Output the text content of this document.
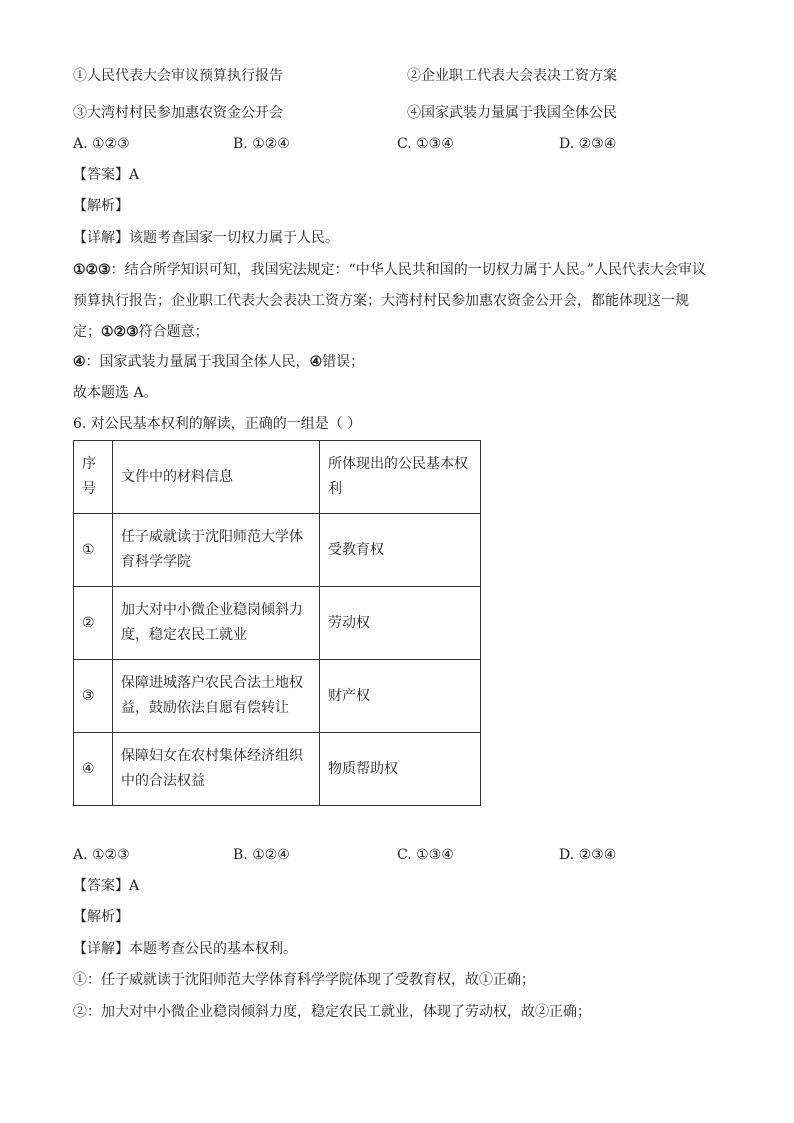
①人民代表大会审议预算执行报告	②企业职工代表大会表决工资方案
③大湾村村民参加惠农资金公开会	④国家武装力量属于我国全体公民
A. ①②③	B. ①②④	C. ①③④	D. ②③④
【答案】A
【解析】
【详解】该题考查国家一切权力属于人民。
①②③：结合所学知识可知，我国宪法规定：“中华人民共和国的一切权力属于人民。”人民代表大会审议预算执行报告；企业职工代表大会表决工资方案；大湾村村民参加惠农资金公开会，都能体现这一规定；①②③符合题意；
④：国家武装力量属于我国全体人民，④错误；
故本题选 A。
6. 对公民基本权利的解读，正确的一组是（ ）
序号	文件中的材料信息	所体现出的公民基本权利
①	任子威就读于沈阳师范大学体育科学学院	受教育权
②	加大对中小微企业稳岗倾斜力度，稳定农民工就业	劳动权
③	保障进城落户农民合法土地权益，鼓励依法自愿有偿转让	财产权
④	保障妇女在农村集体经济组织中的合法权益	物质帮助权
A. ①②③	B. ①②④	C. ①③④	D. ②③④
【答案】A
【解析】
【详解】本题考查公民的基本权利。
①：任子威就读于沈阳师范大学体育科学学院体现了受教育权，故①正确；
②：加大对中小微企业稳岗倾斜力度，稳定农民工就业，体现了劳动权，故②正确；
